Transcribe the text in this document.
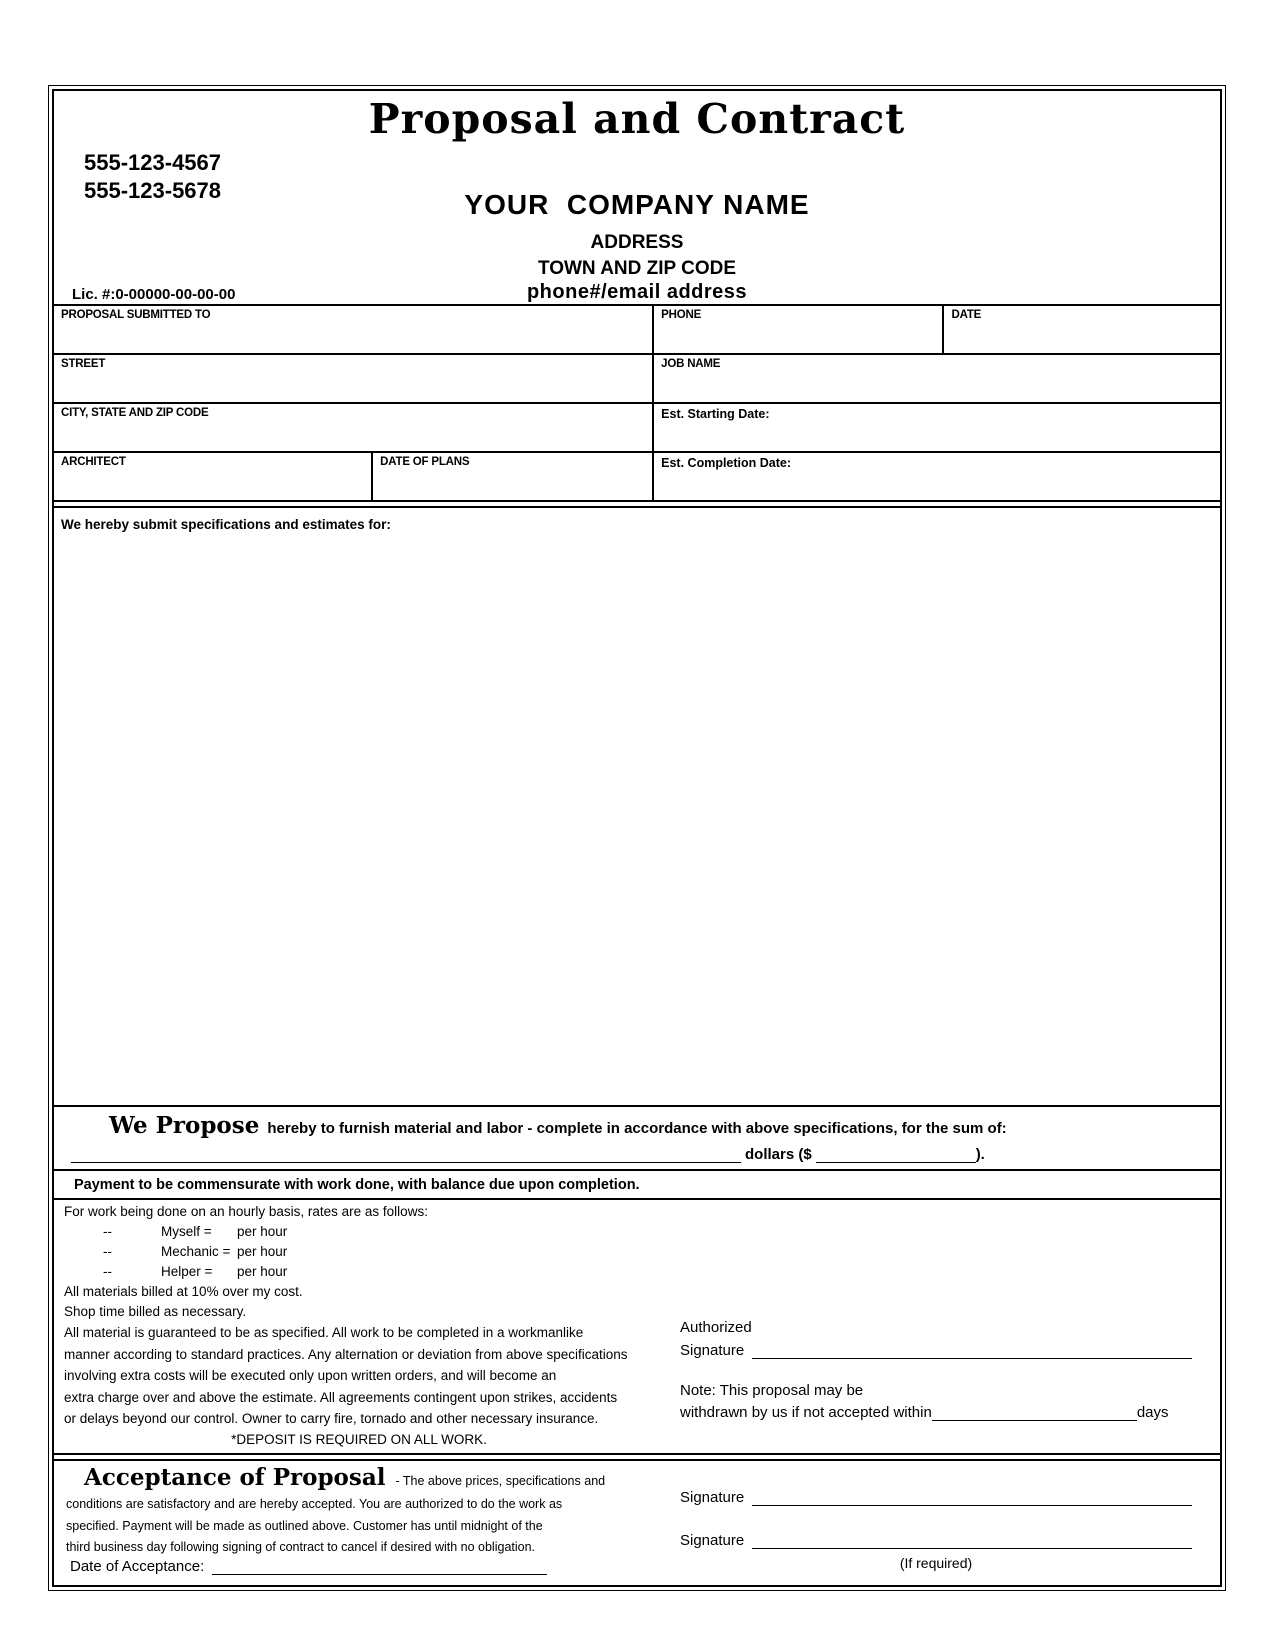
Proposal and Contract
555-123-4567
555-123-5678	YOUR  COMPANY NAME
ADDRESS
TOWN AND ZIP CODE
Lic. #:0-00000-00-00-00	phone#/email address
PROPOSAL SUBMITTED TO	PHONE	DATE
STREET	JOB NAME
CITY, STATE AND ZIP CODE	Est. Starting Date:
ARCHITECT	DATE OF PLANS	Est. Completion Date:
We hereby submit specifications and estimates for:
We Propose hereby to furnish material and labor - complete in accordance with above specifications, for the sum of:
dollars ($	).
Payment to be commensurate with work done, with balance due upon completion.
For work being done on an hourly basis, rates are as follows:
--	Myself = per hour
--	Mechanic = per hour
--	Helper = per hour
All materials billed at 10% over my cost.
Shop time billed as necessary.
All material is guaranteed to be as specified. All work to be completed in a workmanlike
manner according to standard practices. Any alternation or deviation from above specifications
involving extra costs will be executed only upon written orders, and will become an
extra charge over and above the estimate. All agreements contingent upon strikes, accidents
or delays beyond our control. Owner to carry fire, tornado and other necessary insurance.
*DEPOSIT IS REQUIRED ON ALL WORK.
Authorized
Signature
Note: This proposal may be
withdrawn by us if not accepted within	days
Acceptance of Proposal - The above prices, specifications and
conditions are satisfactory and are hereby accepted. You are authorized to do the work as
specified. Payment will be made as outlined above. Customer has until midnight of the
third business day following signing of contract to cancel if desired with no obligation.
Date of Acceptance:
Signature
Signature
(If required)
